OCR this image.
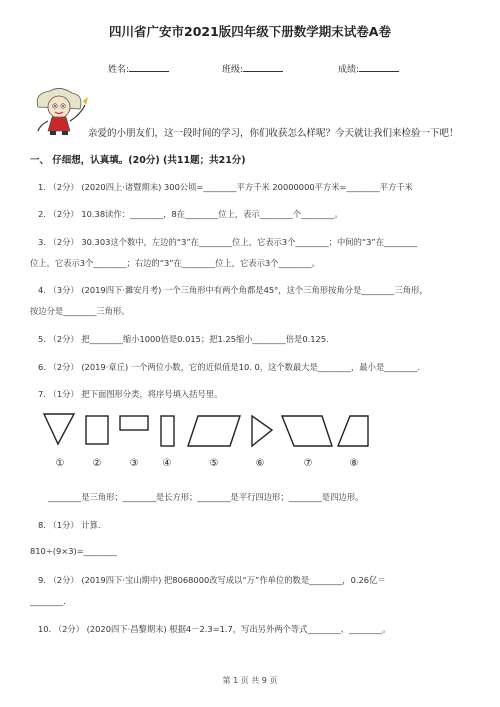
四川省广安市2021版四年级下册数学期末试卷A卷
姓名:	班级:	成绩:
亲爱的小朋友们，这一段时间的学习，你们收获怎么样呢？今天就让我们来检验一下吧！
一、 仔细想，认真填。(20分) (共11题；共21分)
1. （2分） (2020四上·诸暨期末) 300公顷=________平方千米 20000000平方米=________平方千米
2. （2分） 10.38读作：________，8在________位上，表示________个________。
3. （2分） 30.303这个数中，左边的“3”在________位上，它表示3个________；中间的“3”在________
位上，它表示3个________；右边的“3”在________位上，它表示3个________。
4. （3分） (2019四下·濉安月考) 一个三角形中有两个角都是45°，这个三角形按角分是________三角形，
按边分是________三角形。
5. （2分） 把________缩小1000倍是0.015；把1.25缩小________倍是0.125.
6. （2分） (2019·章丘) 一个两位小数，它的近似值是10. 0，这个数最大是________，最小是________.
7. （1分） 把下面图形分类，将序号填入括号里。
①	②	③ ④	⑤	⑥	⑦	⑧
________是三角形；________是长方形；________是平行四边形；________是四边形。
8. （1分） 计算.
810÷(9×3)=________
9. （2分） (2019四下·宝山期中) 把8068000改写成以“万”作单位的数是________，0.26亿＝
________.
10. （2分） (2020四下·昌黎期末) 根据4－2.3=1.7，写出另外两个等式________、________。
第 1 页 共 9 页
